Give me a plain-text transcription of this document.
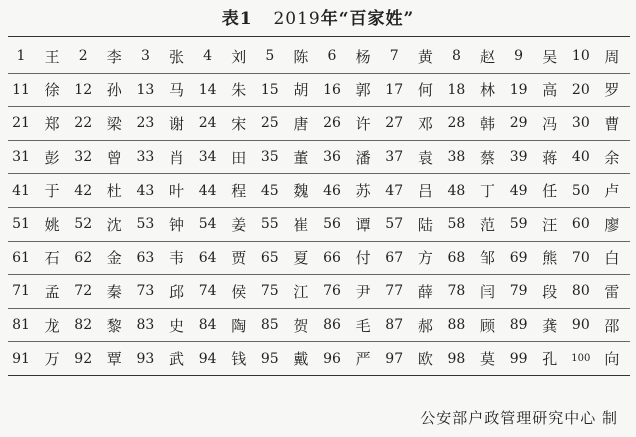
表1 2019年“百家姓”
1	王	2	李	3	张	4	刘	5	陈	6	杨	7	黄	8	赵	9	吴	10 周
11 徐	12 孙	13 马	14 朱	15 胡	16 郭	17 何	18 林	19 高	20 罗
21 郑	22 梁	23 谢	24 宋	25 唐	26 许	27 邓	28 韩	29 冯	30 曹
31 彭	32 曾	33 肖	34 田	35 董	36 潘	37 袁	38 蔡	39 蒋	40 余
41 于	42 杜	43 叶	44 程	45 魏	46 苏	47 吕	48 丁	49 任	50 卢
51 姚	52 沈	53 钟	54 姜	55 崔	56 谭	57 陆	58 范	59 汪	60 廖
61 石	62 金	63 韦	64 贾	65 夏	66 付	67 方	68 邹	69 熊	70 白
71 孟	72 秦	73 邱	74 侯	75 江	76 尹	77 薛	78 闫	79 段	80 雷
81 龙	82 黎	83 史	84 陶	85 贺	86 毛	87 郝	88 顾	89 龚	90 邵
91 万	92 覃	93 武	94 钱	95 戴	96 严	97 欧	98 莫	99 孔	100 向
公安部户政管理研究中心 制
